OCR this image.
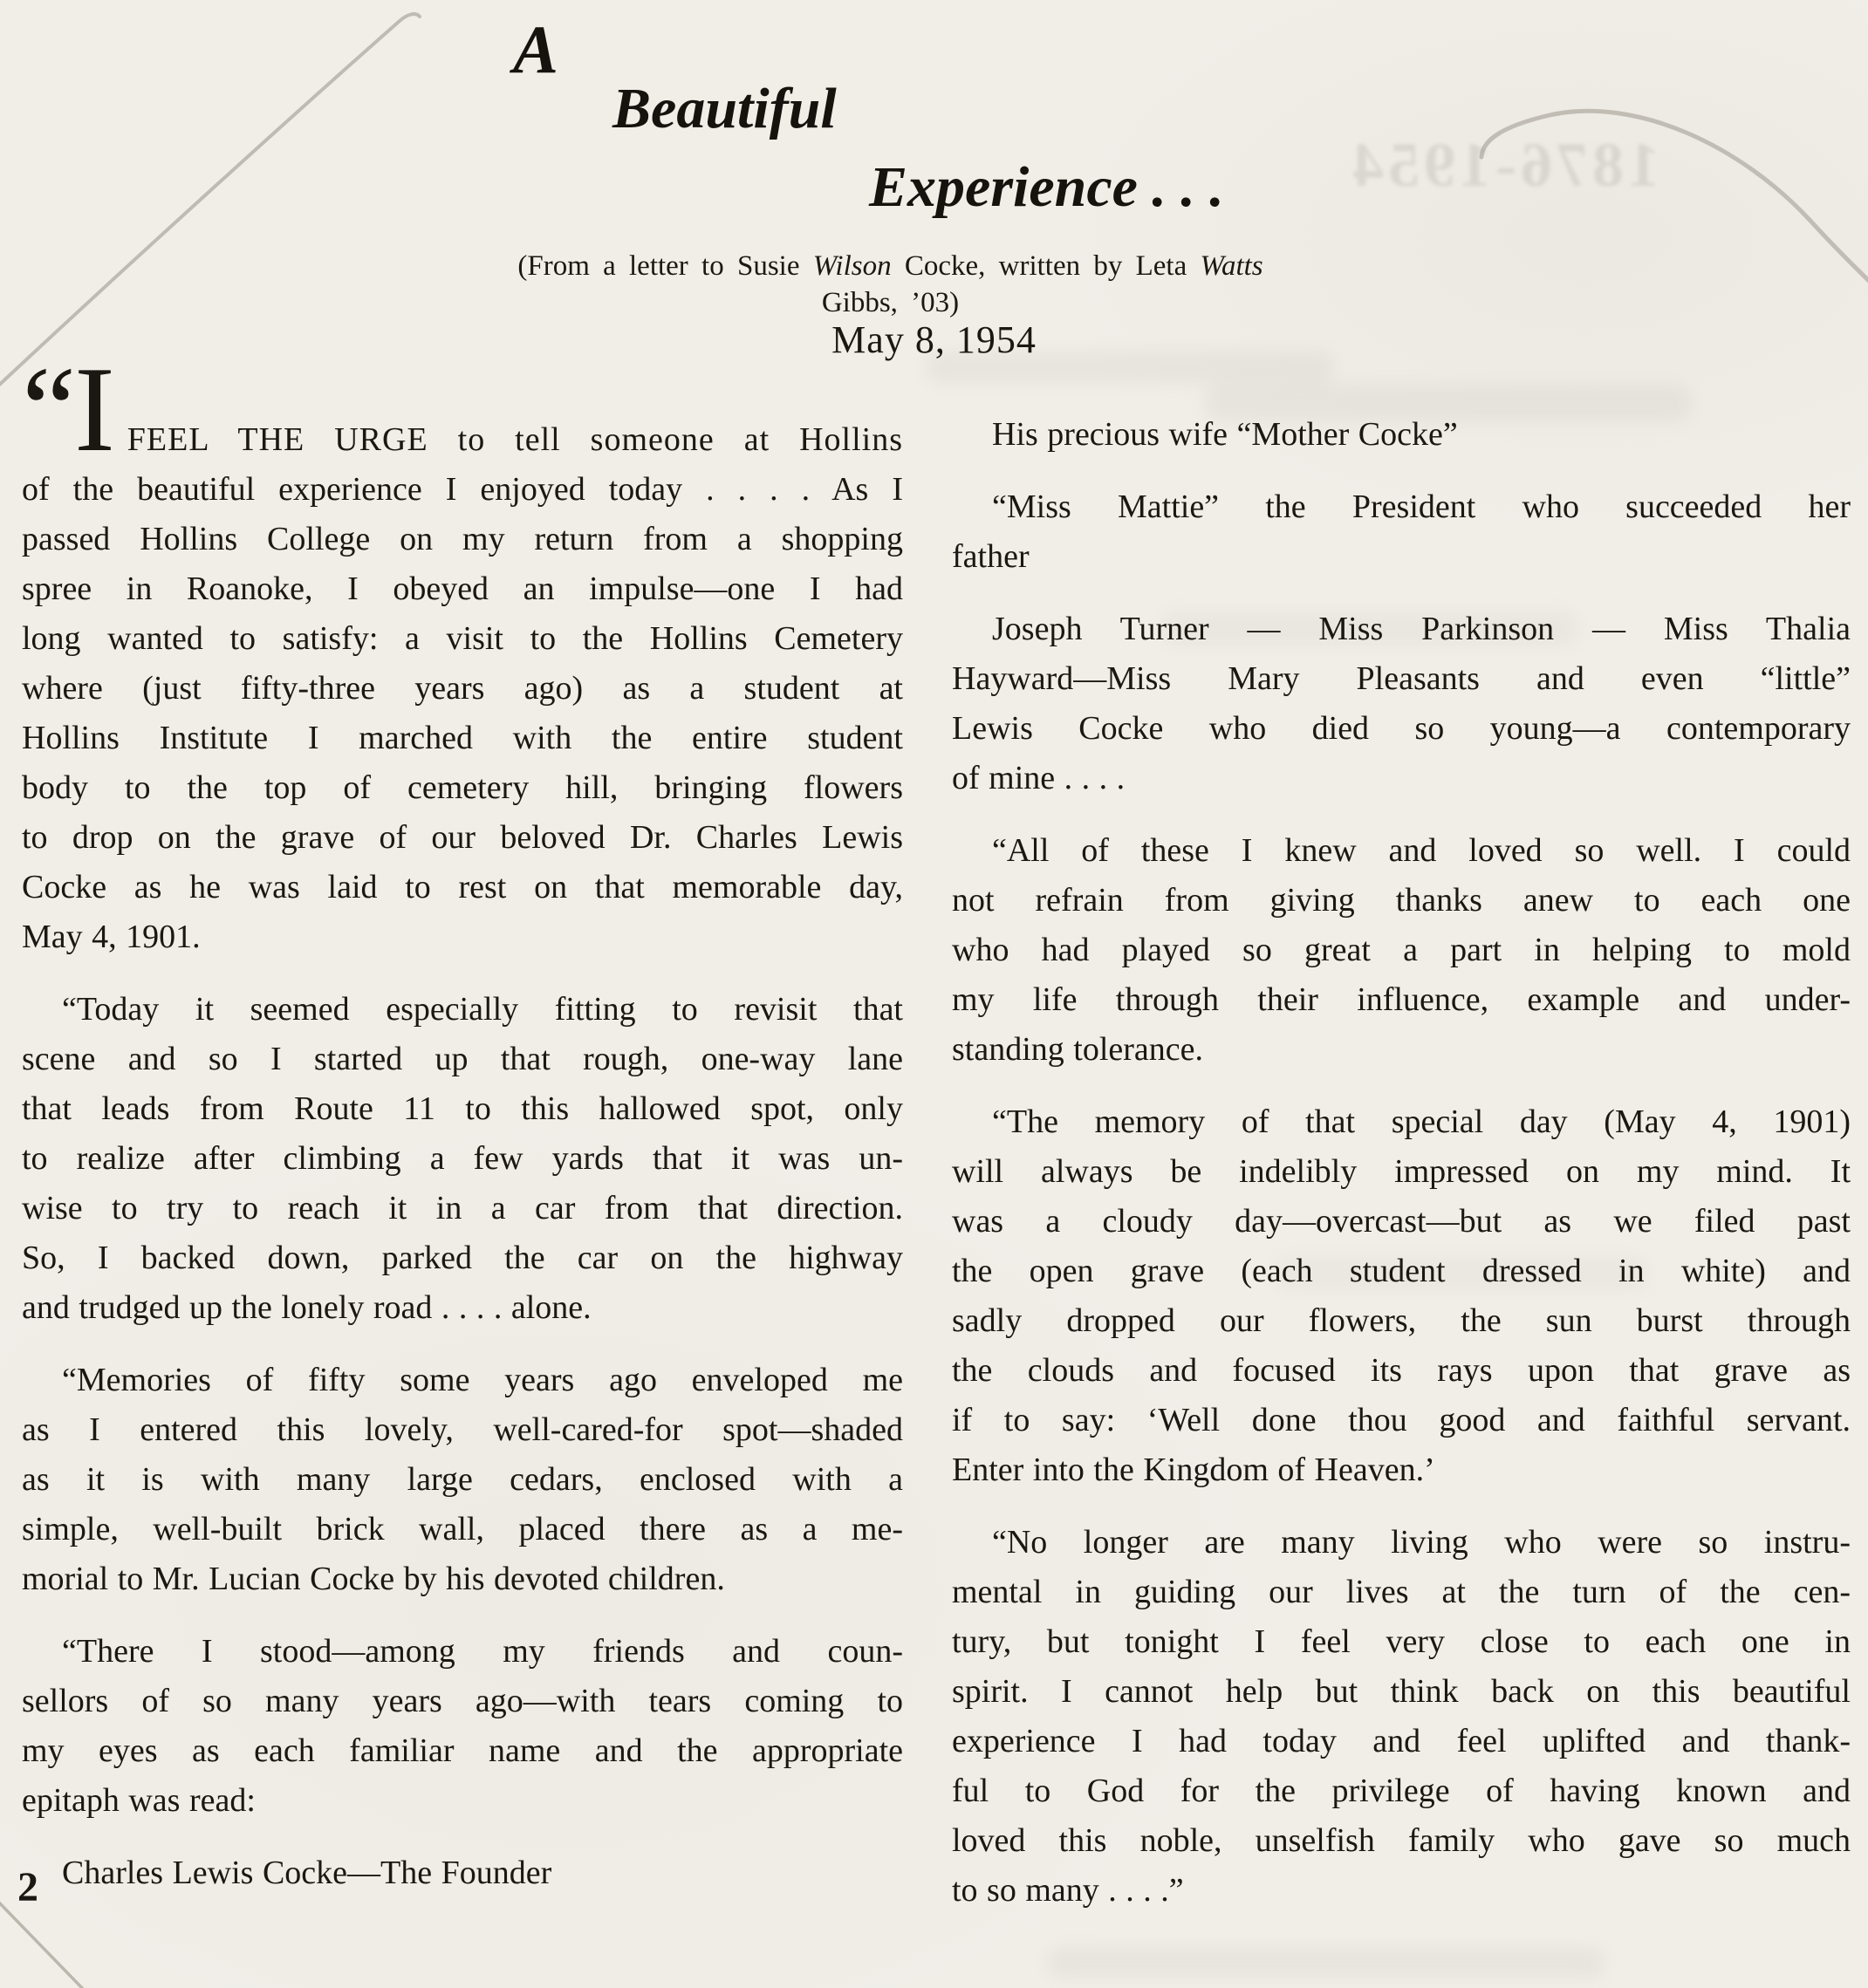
1876-1954
A
Beautiful
Experience . . .
(From a letter to Susie Wilson Cocke, written by Leta Watts
Gibbs, ’03)
May 8, 1954
“IFEEL THE URGE to tell someone at Hollins
of the beautiful experience I enjoyed today . . . . As I
passed Hollins College on my return from a shopping
spree in Roanoke, I obeyed an impulse—one I had
long wanted to satisfy: a visit to the Hollins Cemetery
where (just fifty-three years ago) as a student at
Hollins Institute I marched with the entire student
body to the top of cemetery hill, bringing flowers
to drop on the grave of our beloved Dr. Charles Lewis
Cocke as he was laid to rest on that memorable day,
May 4, 1901.
“Today it seemed especially fitting to revisit that
scene and so I started up that rough, one-way lane
that leads from Route 11 to this hallowed spot, only
to realize after climbing a few yards that it was un-
wise to try to reach it in a car from that direction.
So, I backed down, parked the car on the highway
and trudged up the lonely road . . . . alone.
“Memories of fifty some years ago enveloped me
as I entered this lovely, well-cared-for spot—shaded
as it is with many large cedars, enclosed with a
simple, well-built brick wall, placed there as a me-
morial to Mr. Lucian Cocke by his devoted children.
“There I stood—among my friends and coun-
sellors of so many years ago—with tears coming to
my eyes as each familiar name and the appropriate
epitaph was read:
Charles Lewis Cocke—The Founder
His precious wife “Mother Cocke”
“Miss Mattie” the President who succeeded her
father
Joseph Turner — Miss Parkinson — Miss Thalia
Hayward—Miss Mary Pleasants and even “little”
Lewis Cocke who died so young—a contemporary
of mine . . . .
“All of these I knew and loved so well. I could
not refrain from giving thanks anew to each one
who had played so great a part in helping to mold
my life through their influence, example and under-
standing tolerance.
“The memory of that special day (May 4, 1901)
will always be indelibly impressed on my mind. It
was a cloudy day—overcast—but as we filed past
the open grave (each student dressed in white) and
sadly dropped our flowers, the sun burst through
the clouds and focused its rays upon that grave as
if to say: ‘Well done thou good and faithful servant.
Enter into the Kingdom of Heaven.’
“No longer are many living who were so instru-
mental in guiding our lives at the turn of the cen-
tury, but tonight I feel very close to each one in
spirit. I cannot help but think back on this beautiful
experience I had today and feel uplifted and thank-
ful to God for the privilege of having known and
loved this noble, unselfish family who gave so much
to so many . . . .”
2
